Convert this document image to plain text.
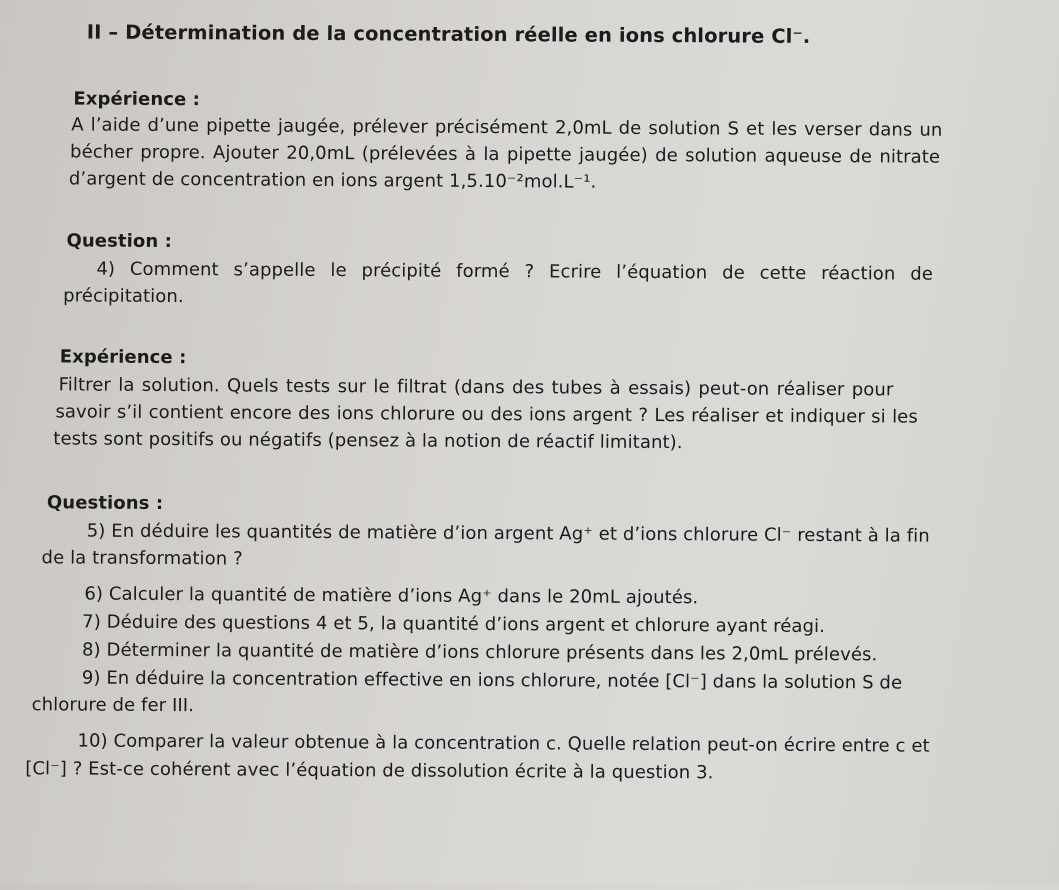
II – Détermination de la concentration réelle en ions chlorure Cl⁻.
Expérience :
A l’aide d’une pipette jaugée, prélever précisément 2,0mL de solution S et les verser dans un
bécher propre. Ajouter 20,0mL (prélevées à la pipette jaugée) de solution aqueuse de nitrate
d’argent de concentration en ions argent 1,5.10⁻²mol.L⁻¹.
Question :
4) Comment s’appelle le précipité formé ? Ecrire l’équation de cette réaction de
précipitation.
Expérience :
Filtrer la solution. Quels tests sur le filtrat (dans des tubes à essais) peut-on réaliser pour
savoir s’il contient encore des ions chlorure ou des ions argent ? Les réaliser et indiquer si les
tests sont positifs ou négatifs (pensez à la notion de réactif limitant).
Questions :
5) En déduire les quantités de matière d’ion argent Ag⁺ et d’ions chlorure Cl⁻ restant à la fin
de la transformation ?
6) Calculer la quantité de matière d’ions Ag⁺ dans le 20mL ajoutés.
7) Déduire des questions 4 et 5, la quantité d’ions argent et chlorure ayant réagi.
8) Déterminer la quantité de matière d’ions chlorure présents dans les 2,0mL prélevés.
9) En déduire la concentration effective en ions chlorure, notée [Cl⁻] dans la solution S de
chlorure de fer III.
10) Comparer la valeur obtenue à la concentration c. Quelle relation peut-on écrire entre c et
[Cl⁻] ? Est-ce cohérent avec l’équation de dissolution écrite à la question 3.
